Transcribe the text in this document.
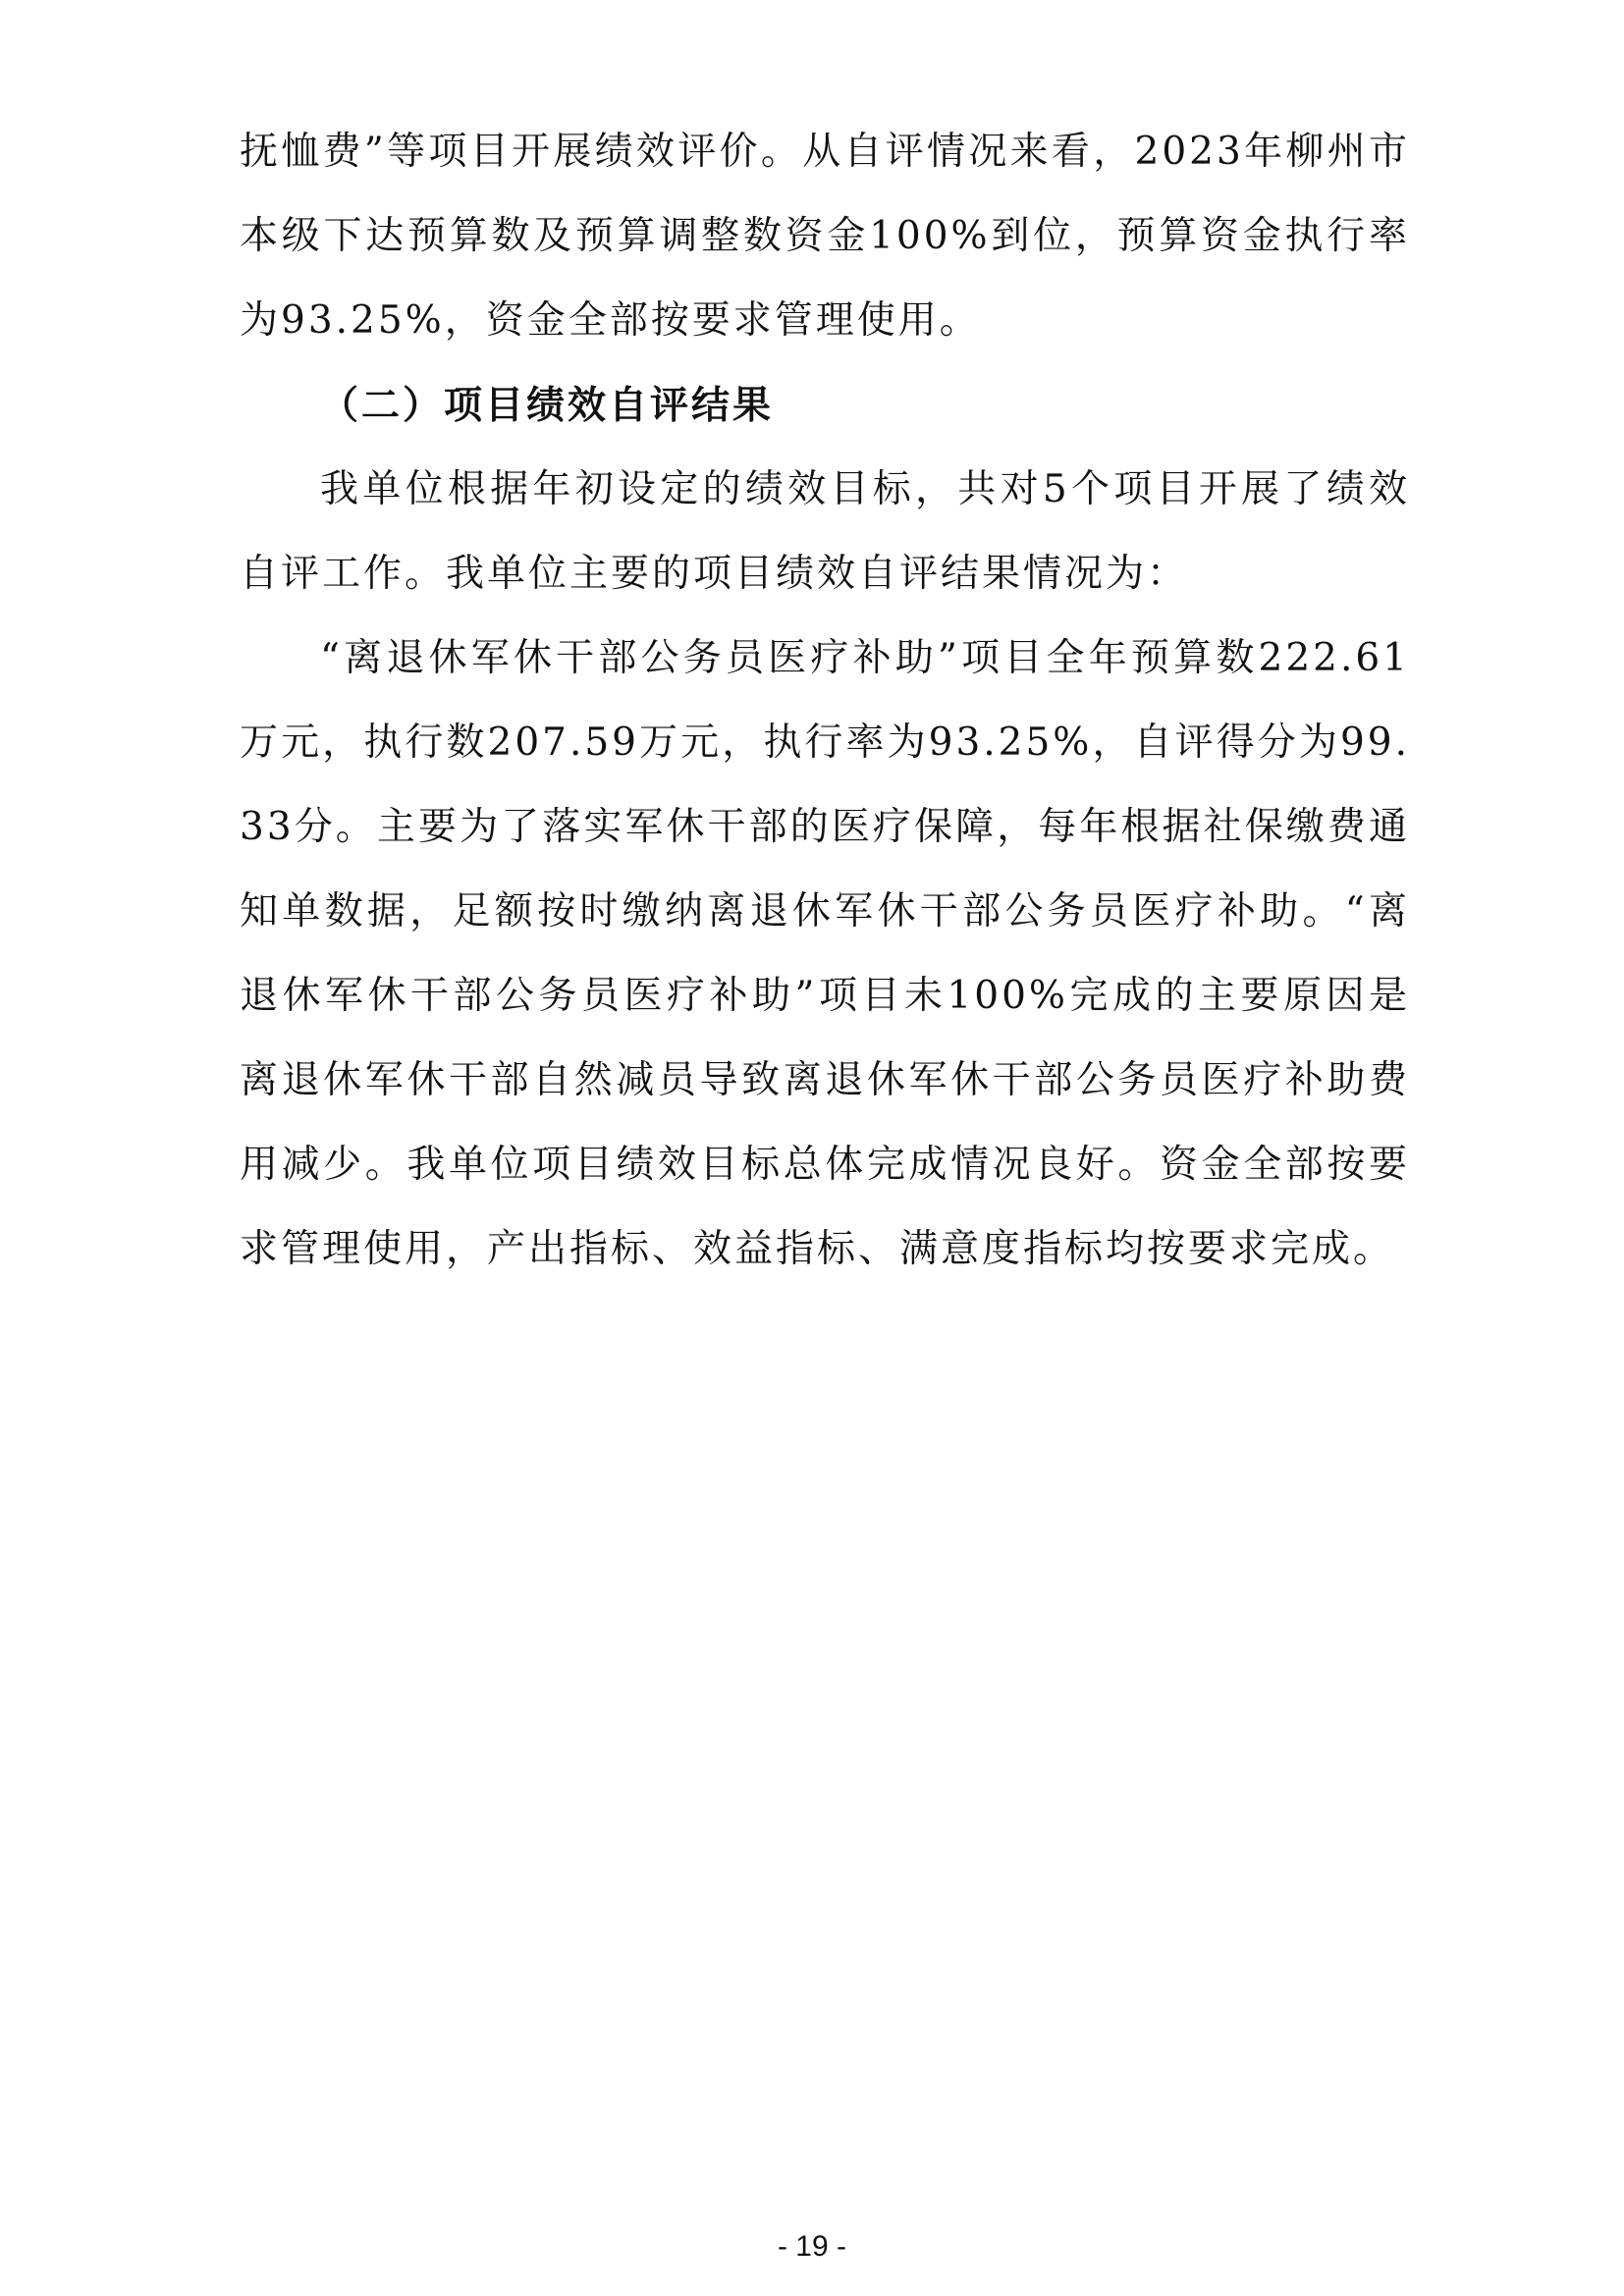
抚恤费”等项目开展绩效评价。从自评情况来看，2023年柳州市本级下达预算数及预算调整数资金100%到位，预算资金执行率为93.25%，资金全部按要求管理使用。

（二）项目绩效自评结果

我单位根据年初设定的绩效目标，共对5个项目开展了绩效自评工作。我单位主要的项目绩效自评结果情况为：

“离退休军休干部公务员医疗补助”项目全年预算数222.61万元，执行数207.59万元，执行率为93.25%，自评得分为99.33分。主要为了落实军休干部的医疗保障，每年根据社保缴费通知单数据，足额按时缴纳离退休军休干部公务员医疗补助。“离退休军休干部公务员医疗补助”项目未100%完成的主要原因是离退休军休干部自然减员导致离退休军休干部公务员医疗补助费用减少。我单位项目绩效目标总体完成情况良好。资金全部按要求管理使用，产出指标、效益指标、满意度指标均按要求完成。

- 19 -
